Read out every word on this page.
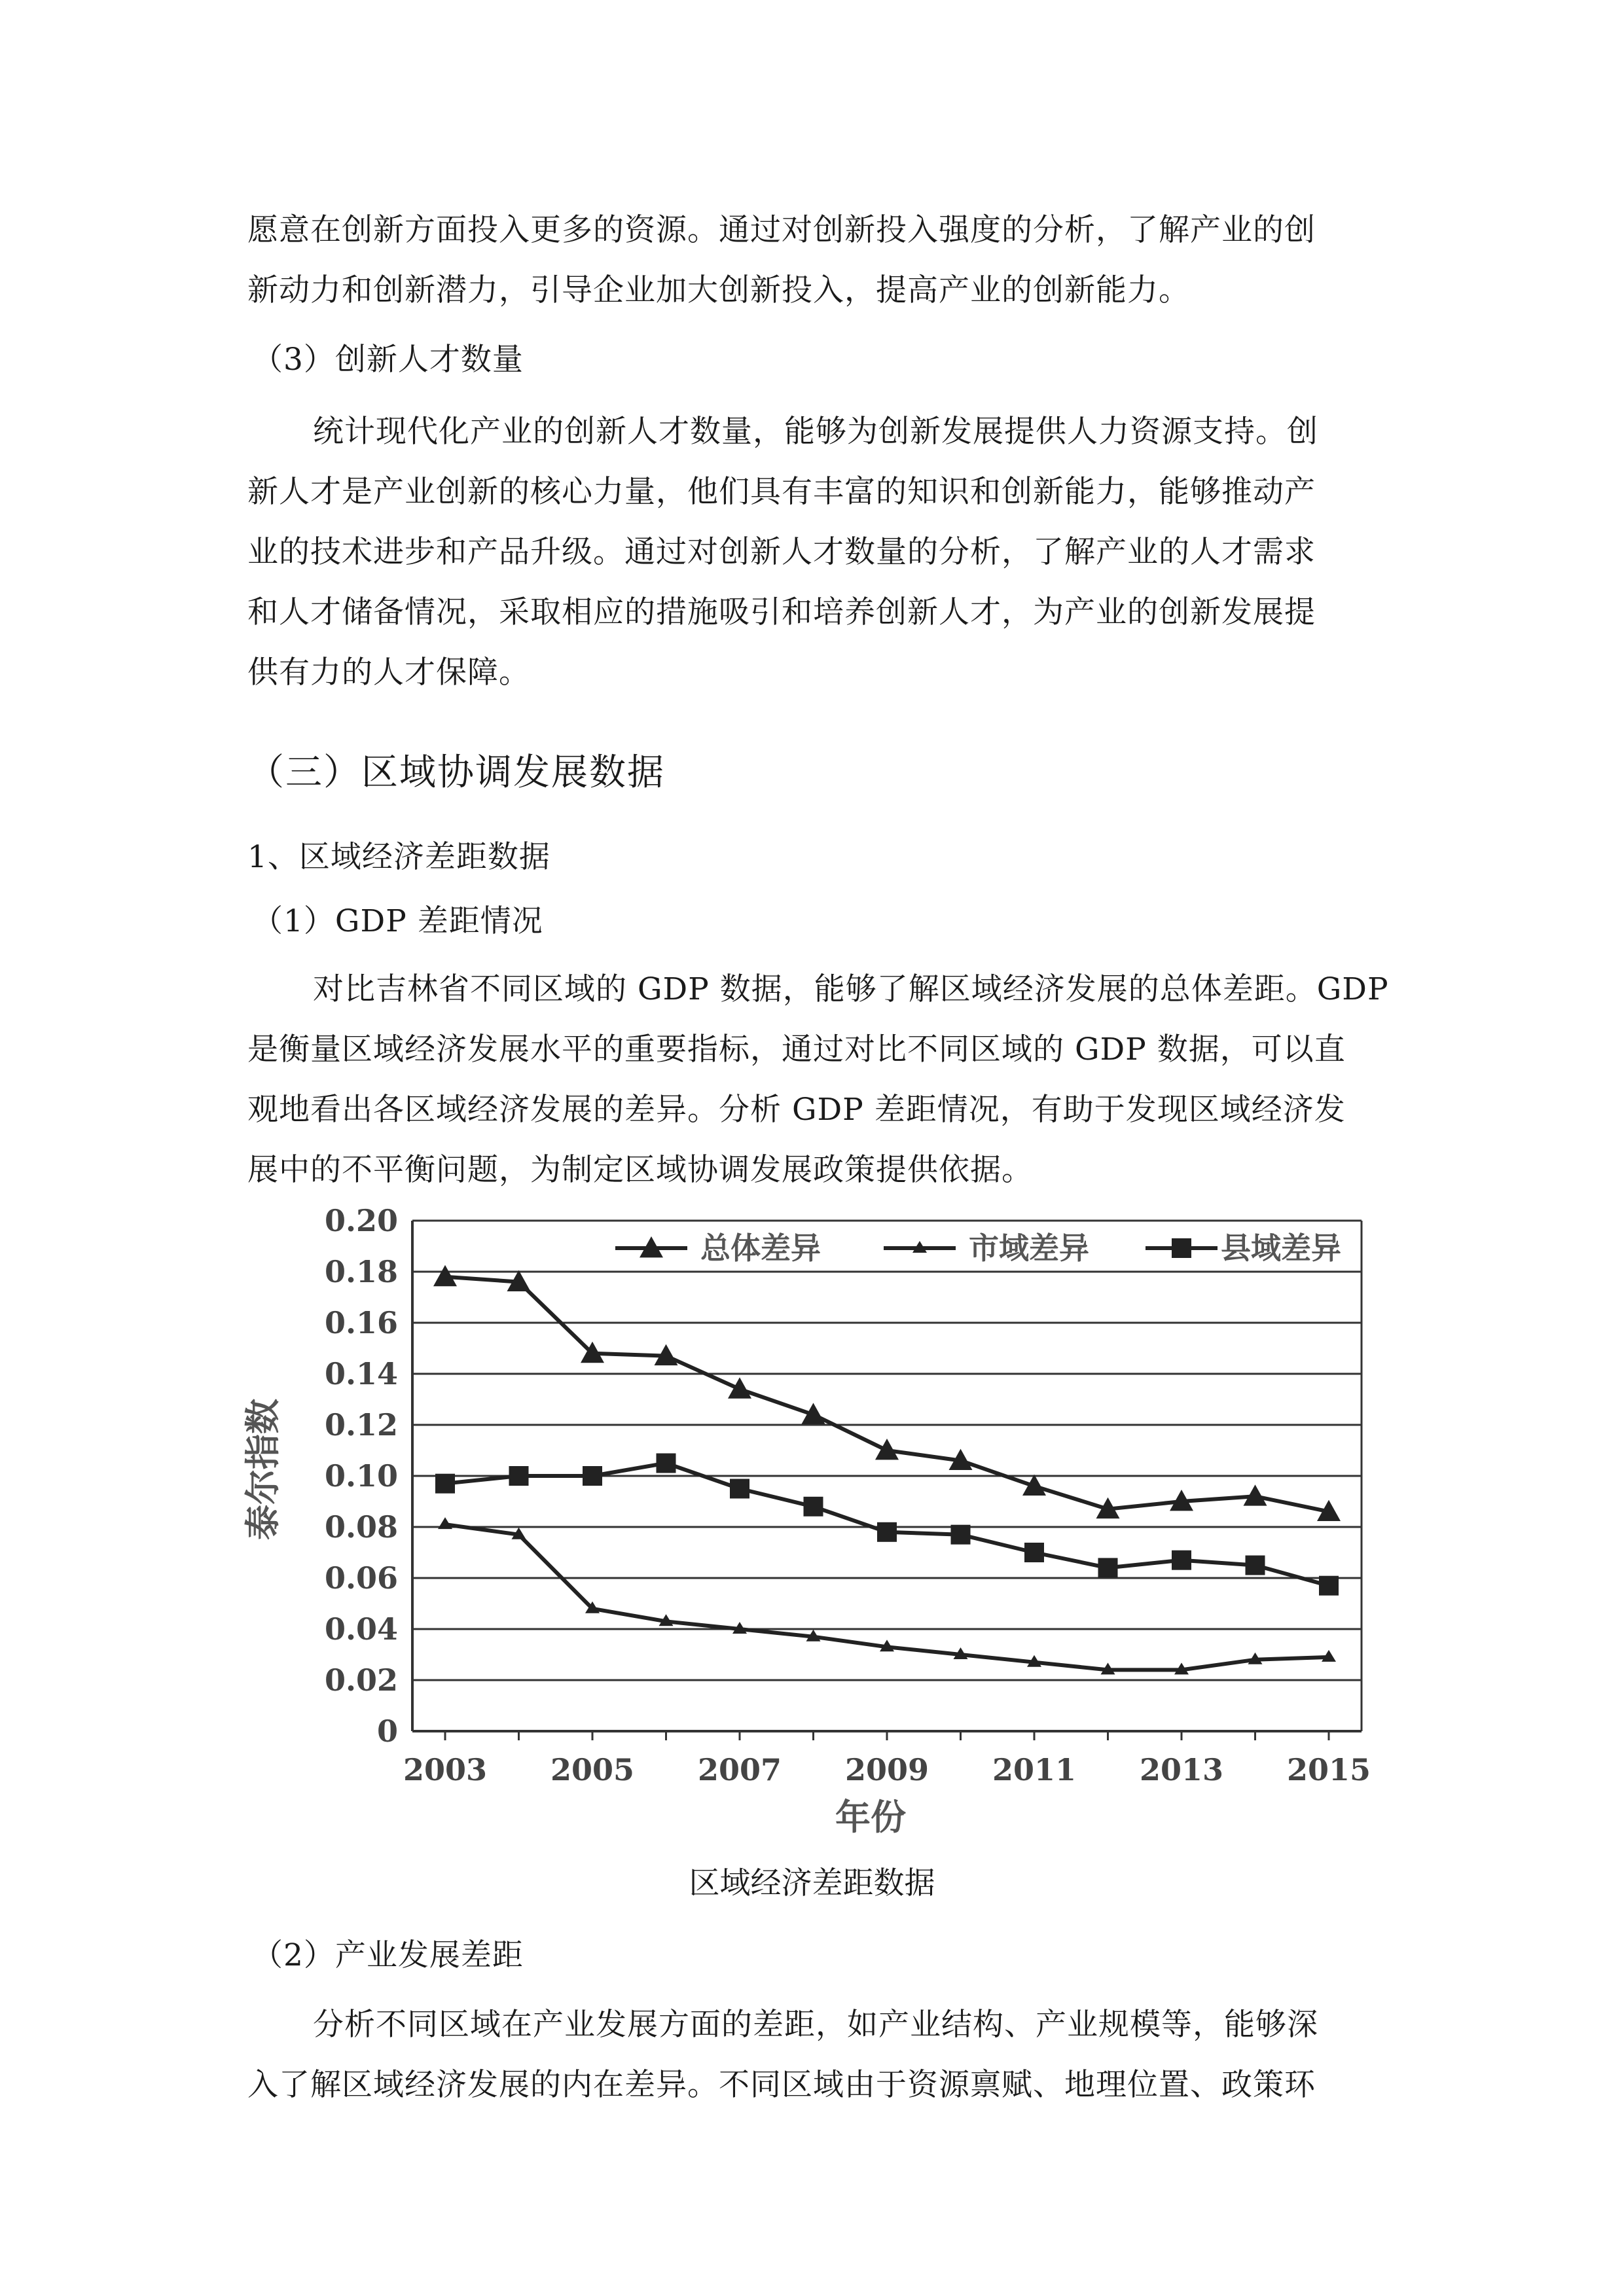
愿意在创新方面投入更多的资源。通过对创新投入强度的分析，了解产业的创
新动力和创新潜力，引导企业加大创新投入，提高产业的创新能力。
（3）创新人才数量
统计现代化产业的创新人才数量，能够为创新发展提供人力资源支持。创
新人才是产业创新的核心力量，他们具有丰富的知识和创新能力，能够推动产
业的技术进步和产品升级。通过对创新人才数量的分析，了解产业的人才需求
和人才储备情况，采取相应的措施吸引和培养创新人才，为产业的创新发展提
供有力的人才保障。
（三）区域协调发展数据
1、区域经济差距数据
（1）GDP 差距情况
对比吉林省不同区域的 GDP 数据，能够了解区域经济发展的总体差距。GDP
是衡量区域经济发展水平的重要指标，通过对比不同区域的 GDP 数据，可以直
观地看出各区域经济发展的差异。分析 GDP 差距情况，有助于发现区域经济发
展中的不平衡问题，为制定区域协调发展政策提供依据。
0
0.02
0.04
0.06
0.08
0.10
0.12
0.14
0.16
0.18
0.20
2003 2005 2007 2009 2011 2013 2015
总体差异	市域差异	县域差异
泰尔指数
年份
区域经济差距数据
（2）产业发展差距
分析不同区域在产业发展方面的差距，如产业结构、产业规模等，能够深
入了解区域经济发展的内在差异。不同区域由于资源禀赋、地理位置、政策环
